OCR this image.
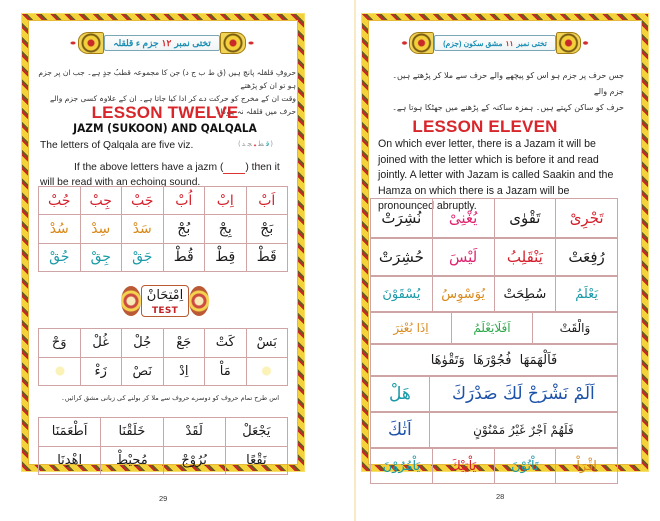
تختی نمبر
۱۲
جزم ء قلقلہ
حروفِ قلقلہ پانچ ہیں (ق ط ب ج د) جن کا مجموعہ قطبُ جدٍ ہے۔ جب ان پر جزم ہو تو ان کو پڑھتے
وقت ان کے مخرج کو حرکت دے کر ادا کیا جاتا ہے۔ ان کے علاوہ کسی جزم والے حرف میں قلقلہ نہ ہوگا۔
LESSON TWELVE
JAZM (SUKOON) AND QALQALA
The letters of Qalqala are five viz.	(قطبجد)
If the above letters have a jazm ( ) then it will be read with an echoing sound.
اَبْ	اِبْ	اُبْ	جَبْ	جِبْ	جُبْ
بَجْ	بِجْ	بُجْ	سَدْ	سِدْ	سُدْ
قَطْ	قِطْ	قُطْ	جَقْ	جِقْ	جُقْ
اِمْتِحَانْ
TEST
بَسْ	كَتْ	جَعْ	جُلْ	غُلْ	وَحْ
	مَاْ	اِدْ	نَصْ	زَءْ	
اس طرح تمام حروف کو دوسرے حروف سے ملا کر بولنے کی زبانی مشق کرائیں۔
يَجْعَلْ	لَقَدْ	خَلَقْنَا	اَطْعَمَنَا
نَقْعًا	بُرُوْجْ	مُحِيْطْ	اِهْدِنَا
29
تختی نمبر
۱۱
مشق سکون (جزم)
جس حرف پر جزم ہو اس کو پیچھے والے حرف سے ملا کر پڑھتے ہیں۔ جزم والے
حرف کو ساکن کہتے ہیں۔ ہمزہ ساکنہ کے پڑھنے میں جھٹکا ہوتا ہے۔
LESSON ELEVEN
On which ever letter, there is a Jazam it will be joined with the letter which is before it and read jointly. A letter with Jazam is called Saakin and the Hamza on which there is a Jazam will be pronounced abruptly.
تَجْرِىْ	تَقْوٰى	يُغْنِىْ	نُشِرَتْ
رُفِعَتْ	يَنْقَلِبُ	لَيْسَ	حُشِرَتْ
يَعْلَمُ	سُطِحَتْ	يُوَسْوِسُ	يُسْقَوْنَ
وَالْقَتْ	اَفَلَايَعْلَمُ	اِذَا بُعْثِرَ
فَاَلْهَمَهَا  فُجُوْرَهَا  وَتَقْوٰهَا
اَلَمْ نَشْرَحْ لَكَ صَدْرَكَ	هَلْ
فَلَهُمْ اَجْرٌ غَيْرُ مَمْنُوْنٍ	اَتٰكَ
اِقْرَاْ	تَاْتُوْنَ	يَاْتِيْكَ	يَاْمُرُوْنَ
28
